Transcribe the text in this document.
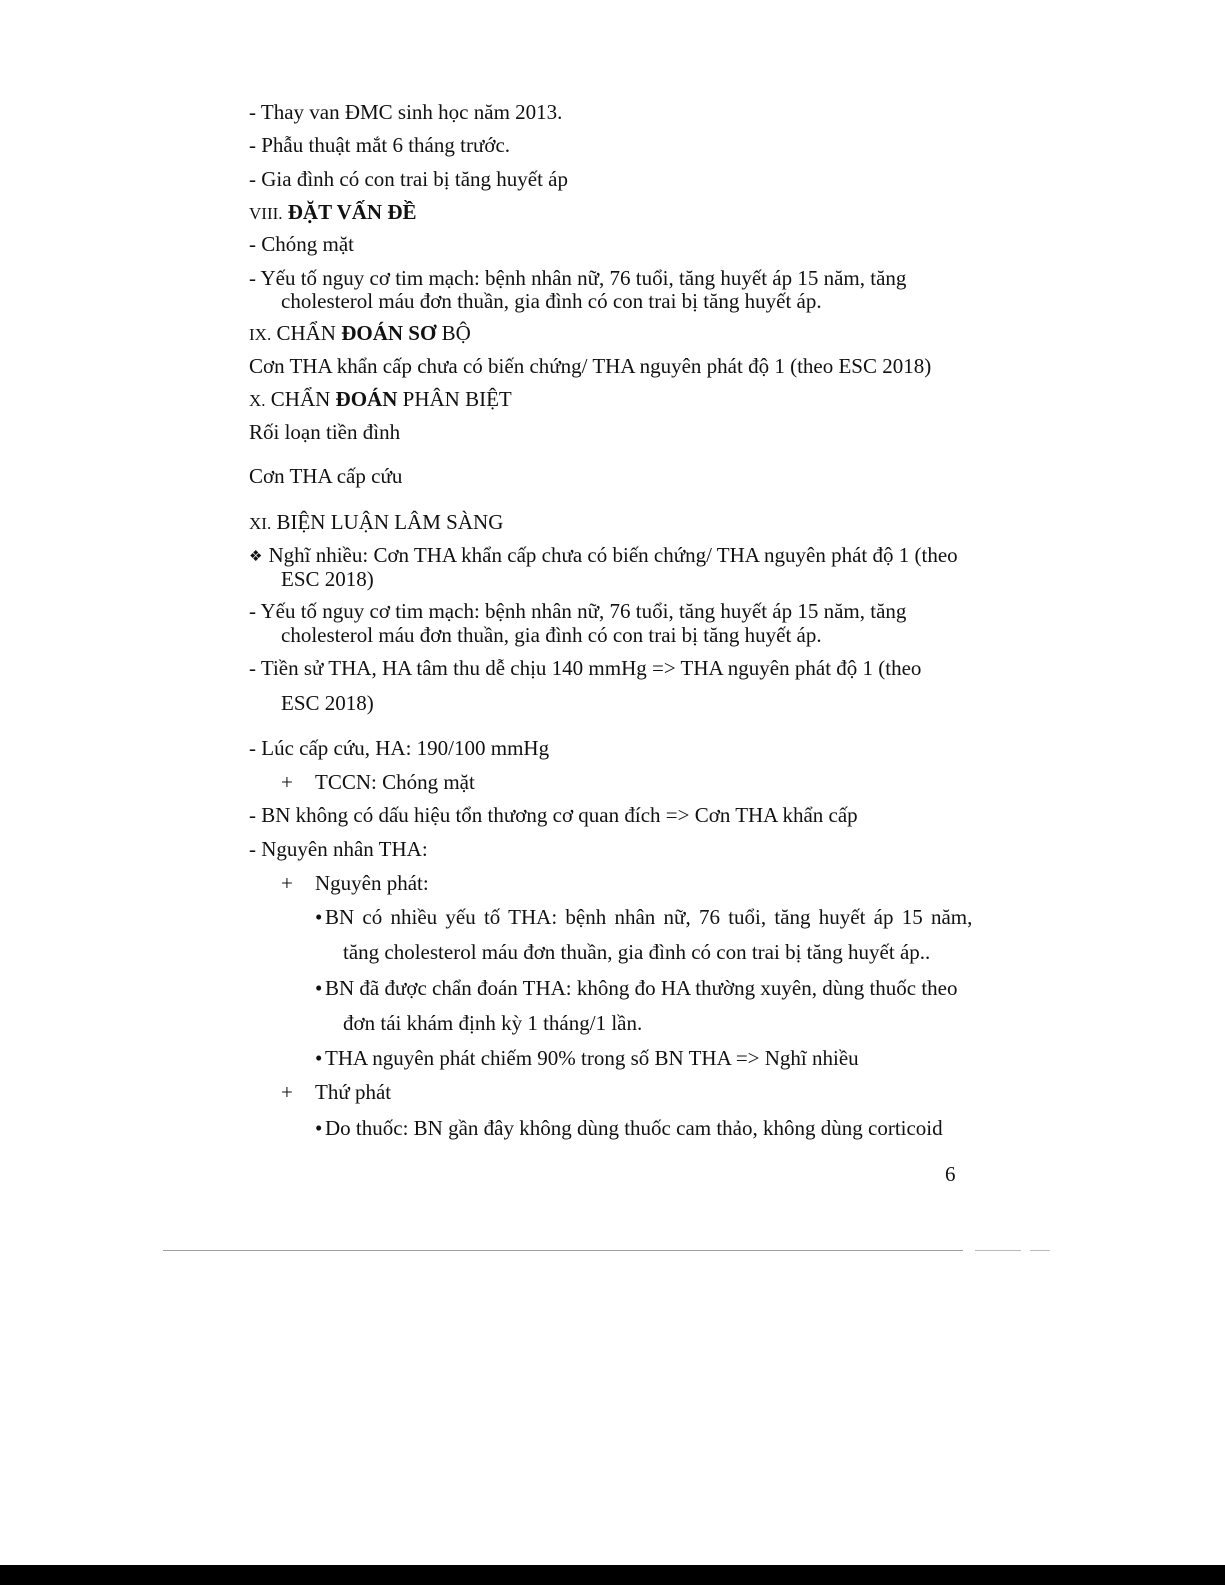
- Thay van ĐMC sinh học năm 2013.
- Phẫu thuật mắt 6 tháng trước.
- Gia đình có con trai bị tăng huyết áp
VIII. ĐẶT VẤN ĐỀ
- Chóng mặt
- Yếu tố nguy cơ tim mạch: bệnh nhân nữ, 76 tuổi, tăng huyết áp 15 năm, tăng
cholesterol máu đơn thuần, gia đình có con trai bị tăng huyết áp.
IX. CHẨN ĐOÁN SƠ BỘ
Cơn THA khẩn cấp chưa có biến chứng/ THA nguyên phát độ 1 (theo ESC 2018)
X. CHẨN ĐOÁN PHÂN BIỆT
Rối loạn tiền đình
Cơn THA cấp cứu
XI. BIỆN LUẬN LÂM SÀNG
❖ Nghĩ nhiều: Cơn THA khẩn cấp chưa có biến chứng/ THA nguyên phát độ 1 (theo
ESC 2018)
- Yếu tố nguy cơ tim mạch: bệnh nhân nữ, 76 tuổi, tăng huyết áp 15 năm, tăng
cholesterol máu đơn thuần, gia đình có con trai bị tăng huyết áp.
- Tiền sử THA, HA tâm thu dễ chịu 140 mmHg => THA nguyên phát độ 1 (theo
ESC 2018)
- Lúc cấp cứu, HA: 190/100 mmHg
+ TCCN: Chóng mặt
- BN không có dấu hiệu tổn thương cơ quan đích => Cơn THA khẩn cấp
- Nguyên nhân THA:
+ Nguyên phát:
• BN có nhiều yếu tố THA: bệnh nhân nữ, 76 tuổi, tăng huyết áp 15 năm,
tăng cholesterol máu đơn thuần, gia đình có con trai bị tăng huyết áp..
• BN đã được chẩn đoán THA: không đo HA thường xuyên, dùng thuốc theo
đơn tái khám định kỳ 1 tháng/1 lần.
• THA nguyên phát chiếm 90% trong số BN THA => Nghĩ nhiều
+ Thứ phát
• Do thuốc: BN gần đây không dùng thuốc cam thảo, không dùng corticoid
6
